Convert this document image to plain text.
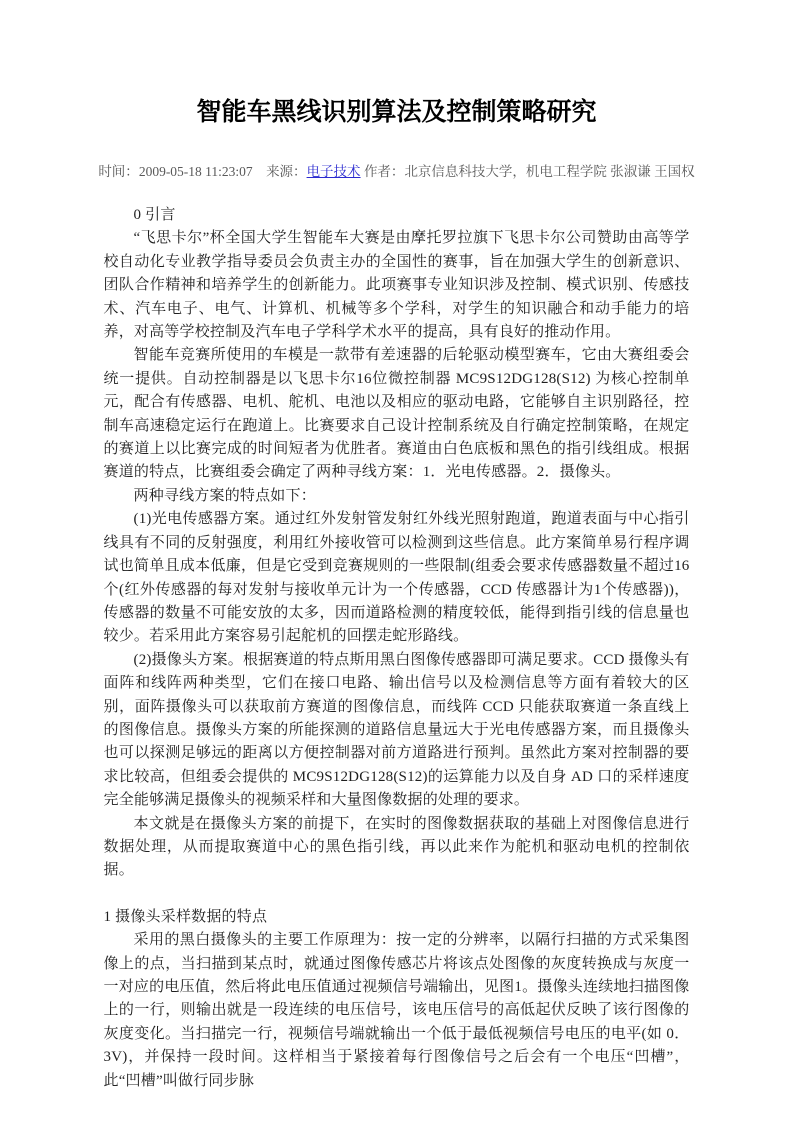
智能车黑线识别算法及控制策略研究
时间：2009-05-18 11:23:07 来源：电子技术 作者：北京信息科技大学，机电工程学院 张淑谦 王国权

0 引言

“飞思卡尔”杯全国大学生智能车大赛是由摩托罗拉旗下飞思卡尔公司赞助由高等学校自动化专业教学指导委员会负责主办的全国性的赛事，旨在加强大学生的创新意识、团队合作精神和培养学生的创新能力。此项赛事专业知识涉及控制、模式识别、传感技术、汽车电子、电气、计算机、机械等多个学科，对学生的知识融合和动手能力的培养，对高等学校控制及汽车电子学科学术水平的提高，具有良好的推动作用。

智能车竞赛所使用的车模是一款带有差速器的后轮驱动模型赛车，它由大赛组委会统一提供。自动控制器是以飞思卡尔16位微控制器 MC9S12DG128(S12) 为核心控制单元，配合有传感器、电机、舵机、电池以及相应的驱动电路，它能够自主识别路径，控制车高速稳定运行在跑道上。比赛要求自己设计控制系统及自行确定控制策略，在规定的赛道上以比赛完成的时间短者为优胜者。赛道由白色底板和黑色的指引线组成。根据赛道的特点，比赛组委会确定了两种寻线方案：1．光电传感器。2．摄像头。

两种寻线方案的特点如下：

(1)光电传感器方案。通过红外发射管发射红外线光照射跑道，跑道表面与中心指引线具有不同的反射强度，利用红外接收管可以检测到这些信息。此方案简单易行程序调试也简单且成本低廉，但是它受到竞赛规则的一些限制(组委会要求传感器数量不超过16个(红外传感器的每对发射与接收单元计为一个传感器，CCD 传感器计为1个传感器))，传感器的数量不可能安放的太多，因而道路检测的精度较低，能得到指引线的信息量也较少。若采用此方案容易引起舵机的回摆走蛇形路线。

(2)摄像头方案。根据赛道的特点斯用黑白图像传感器即可满足要求。CCD 摄像头有面阵和线阵两种类型，它们在接口电路、输出信号以及检测信息等方面有着较大的区别，面阵摄像头可以获取前方赛道的图像信息，而线阵 CCD 只能获取赛道一条直线上的图像信息。摄像头方案的所能探测的道路信息量远大于光电传感器方案，而且摄像头也可以探测足够远的距离以方便控制器对前方道路进行预判。虽然此方案对控制器的要求比较高，但组委会提供的 MC9S12DG128(S12)的运算能力以及自身 AD 口的采样速度完全能够满足摄像头的视频采样和大量图像数据的处理的要求。

本文就是在摄像头方案的前提下，在实时的图像数据获取的基础上对图像信息进行数据处理，从而提取赛道中心的黑色指引线，再以此来作为舵机和驱动电机的控制依据。

1 摄像头采样数据的特点

采用的黑白摄像头的主要工作原理为：按一定的分辨率，以隔行扫描的方式采集图像上的点，当扫描到某点时，就通过图像传感芯片将该点处图像的灰度转换成与灰度一一对应的电压值，然后将此电压值通过视频信号端输出，见图1。摄像头连续地扫描图像上的一行，则输出就是一段连续的电压信号，该电压信号的高低起伏反映了该行图像的灰度变化。当扫描完一行，视频信号端就输出一个低于最低视频信号电压的电平(如 0．3V)，并保持一段时间。这样相当于紧接着每行图像信号之后会有一个电压“凹槽”，此“凹槽”叫做行同步脉
